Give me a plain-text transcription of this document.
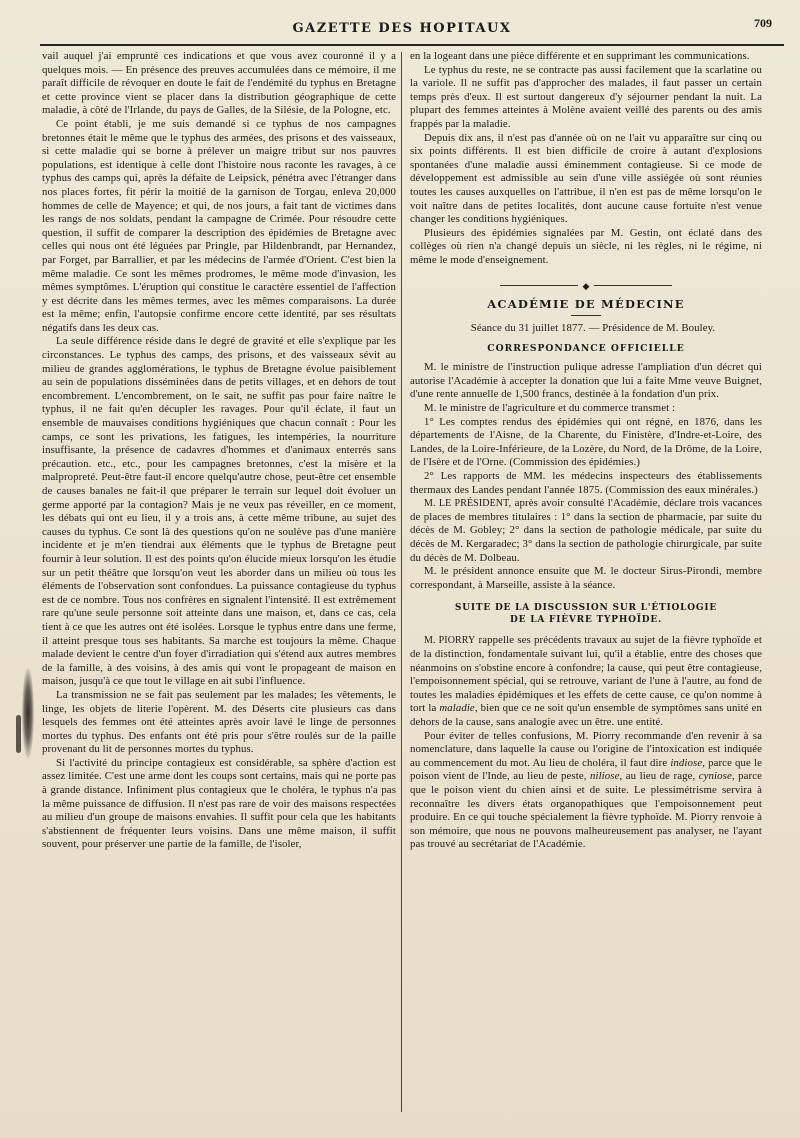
GAZETTE DES HOPITAUX	709

vail auquel j'ai emprunté ces indications et que vous avez couronné il y a quelques mois. — En présence des preuves accumulées dans ce mémoire, il me paraît difficile de révoquer en doute le fait de l'endémité du typhus en Bretagne et cette province vient se placer dans la distribution géographique de cette maladie, à côté de l'Irlande, du pays de Galles, de la Silésie, de la Pologne, etc.

Ce point établi, je me suis demandé si ce typhus de nos campagnes bretonnes était le même que le typhus des armées, des prisons et des vaisseaux, si cette maladie qui se borne à prélever un maigre tribut sur nos pauvres populations, est identique à celle dont l'histoire nous raconte les ravages, à ce typhus des camps qui, après la défaite de Leipsick, pénétra avec l'étranger dans nos places fortes, fit périr la moitié de la garnison de Torgau, enleva 20,000 hommes de celle de Mayence; et qui, de nos jours, a fait tant de victimes dans les rangs de nos soldats, pendant la campagne de Crimée. Pour résoudre cette question, il suffit de comparer la description des épidémies de Bretagne avec celles qui nous ont été léguées par Pringle, par Hildenbrandt, par Hernandez, par Forget, par Barrallier, et par les médecins de l'armée d'Orient. C'est bien la même maladie. Ce sont les mêmes prodromes, le même mode d'invasion, les mêmes symptômes. L'éruption qui constitue le caractère essentiel de l'affection y est décrite dans les mêmes termes, avec les mêmes comparaisons. La durée est la même; enfin, l'autopsie confirme encore cette identité, par ses résultats négatifs dans les deux cas.

La seule différence réside dans le degré de gravité et elle s'explique par les circonstances. Le typhus des camps, des prisons, et des vaisseaux sévit au milieu de grandes agglomérations, le typhus de Bretagne évolue paisiblement au sein de populations disséminées dans de petits villages, et en dehors de tout encombrement. L'encombrement, on le sait, ne suffit pas pour faire naître le typhus, il ne fait qu'en décupler les ravages. Pour qu'il éclate, il faut un ensemble de mauvaises conditions hygiéniques que chacun connaît : Pour les camps, ce sont les privations, les fatigues, les intempéries, la nourriture insuffisante, la présence de cadavres d'hommes et d'animaux enterrés sans précaution. etc., etc., pour les campagnes bretonnes, c'est la misère et la malpropreté. Peut-être faut-il encore quelqu'autre chose, peut-être cet ensemble de causes banales ne fait-il que préparer le terrain sur lequel doit évoluer un germe apporté par la contagion? Mais je ne veux pas réveiller, en ce moment, les débats qui ont eu lieu, il y a trois ans, à cette même tribune, au sujet des causes du typhus. Ce sont là des questions qu'on ne soulève pas d'une manière incidente et je m'en tiendrai aux éléments que le typhus de Bretagne peut fournir à leur solution. Il est des points qu'on élucide mieux lorsqu'on les étudie sur un petit théâtre que lorsqu'on veut les aborder dans un milieu où tous les éléments de l'observation sont confondues. La puissance contagieuse du typhus est de ce nombre. Tous nos confrères en signalent l'intensité. Il est extrêmement rare qu'une seule personne soit atteinte dans une maison, et, dans ce cas, cela tient à ce que les autres ont été isolées. Lorsque le typhus entre dans une ferme, il atteint presque tous ses habitants. Sa marche est toujours la même. Chaque malade devient le centre d'un foyer d'irradiation qui s'étend aux autres membres de la famille, à des voisins, à des amis qui vont le propageant de maison en maison, jusqu'à ce que tout le village en ait subi l'influence.

La transmission ne se fait pas seulement par les malades; les vêtements, le linge, les objets de literie l'opèrent. M. des Déserts cite plusieurs cas dans lesquels des femmes ont été atteintes après avoir lavé le linge de personnes mortes du typhus. Des enfants ont été pris pour s'être roulés sur de la paille provenant du lit de personnes mortes du typhus.

Si l'activité du principe contagieux est considérable, sa sphère d'action est assez limitée. C'est une arme dont les coups sont certains, mais qui ne porte pas à grande distance. Infiniment plus contagieux que le choléra, le typhus n'a pas la même puissance de diffusion. Il n'est pas rare de voir des maisons respectées au milieu d'un groupe de maisons envahies. Il suffit pour cela que les habitants s'abstiennent de fréquenter leurs voisins. Dans une même maison, il suffit souvent, pour préserver une partie de la famille, de l'isoler,

en la logeant dans une pièce différente et en supprimant les communications.

Le typhus du reste, ne se contracte pas aussi facilement que la scarlatine ou la variole. Il ne suffit pas d'approcher des malades, il faut passer un certain temps près d'eux. Il est surtout dangereux d'y séjourner pendant la nuit. La plupart des femmes atteintes à Molène avaient veillé des parents ou des amis frappés par la maladie.

Depuis dix ans, il n'est pas d'année où on ne l'ait vu apparaître sur cinq ou six points différents. Il est bien difficile de croire à autant d'explosions spontanées d'une maladie aussi éminemment contagieuse. Si ce mode de développement est admissible au sein d'une ville assiégée où sont réunies toutes les causes auxquelles on l'attribue, il n'en est pas de même lorsqu'on le voit naître dans de petites localités, dont aucune cause fortuite n'est venue changer les conditions hygiéniques.

Plusieurs des épidémies signalées par M. Gestin, ont éclaté dans des collèges où rien n'a changé depuis un siècle, ni les règles, ni le régime, ni même le mode d'enseignement.

◆
ACADÉMIE DE MÉDECINE

Séance du 31 juillet 1877. — Présidence de M. Bouley.

CORRESPONDANCE OFFICIELLE

M. le ministre de l'instruction pulique adresse l'ampliation d'un décret qui autorise l'Académie à accepter la donation que lui a faite Mme veuve Buignet, d'une rente annuelle de 1,500 francs, destinée à la fondation d'un prix.

M. le ministre de l'agriculture et du commerce transmet :

1° Les comptes rendus des épidémies qui ont régné, en 1876, dans les départements de l'Aisne, de la Charente, du Finistère, d'Indre-et-Loire, des Landes, de la Loire-Inférieure, de la Lozère, du Nord, de la Drôme, de la Loire, de l'Isère et de l'Orne. (Commission des épidémies.)

2° Les rapports de MM. les médecins inspecteurs des établissements thermaux des Landes pendant l'année 1875. (Commission des eaux minérales.)

M. LE PRÉSIDENT, après avoir consulté l'Académie, déclare trois vacances de places de membres titulaires : 1° dans la section de pharmacie, par suite du décès de M. Gobley; 2° dans la section de pathologie médicale, par suite du décès de M. Kergaradec; 3° dans la section de pathologie chirurgicale, par suite du décès de M. Dolbeau.

M. le président annonce ensuite que M. le docteur Sirus-Pirondi, membre correspondant, à Marseille, assiste à la séance.

SUITE DE LA DISCUSSION SUR L'ÉTIOLOGIE
DE LA FIÈVRE TYPHOÏDE.

M. PIORRY rappelle ses précédents travaux au sujet de la fièvre typhoïde et de la distinction, fondamentale suivant lui, qu'il a établie, entre des choses que néanmoins on s'obstine encore à confondre; la cause, qui peut être contagieuse, l'empoisonnement spécial, qui se retrouve, variant de l'une à l'autre, au fond de toutes les maladies épidémiques et les effets de cette cause, ce qu'on nomme à tort la maladie, bien que ce ne soit qu'un ensemble de symptômes sans unité en dehors de la cause, sans analogie avec un être. une entité.

Pour éviter de telles confusions, M. Piorry recommande d'en revenir à sa nomenclature, dans laquelle la cause ou l'origine de l'intoxication est indiquée au commencement du mot. Au lieu de choléra, il faut dire indiose, parce que le poison vient de l'Inde, au lieu de peste, niliose, au lieu de rage, cyniose, parce que le poison vient du chien ainsi et de suite. Le plessimétrisme servira à reconnaître les divers états organopathiques que l'empoisonnement peut produire. En ce qui touche spécialement la fièvre typhoïde. M. Piorry renvoie à son mémoire, que nous ne pouvons malheureusement pas analyser, ne l'ayant pas trouvé au secrétariat de l'Académie.
